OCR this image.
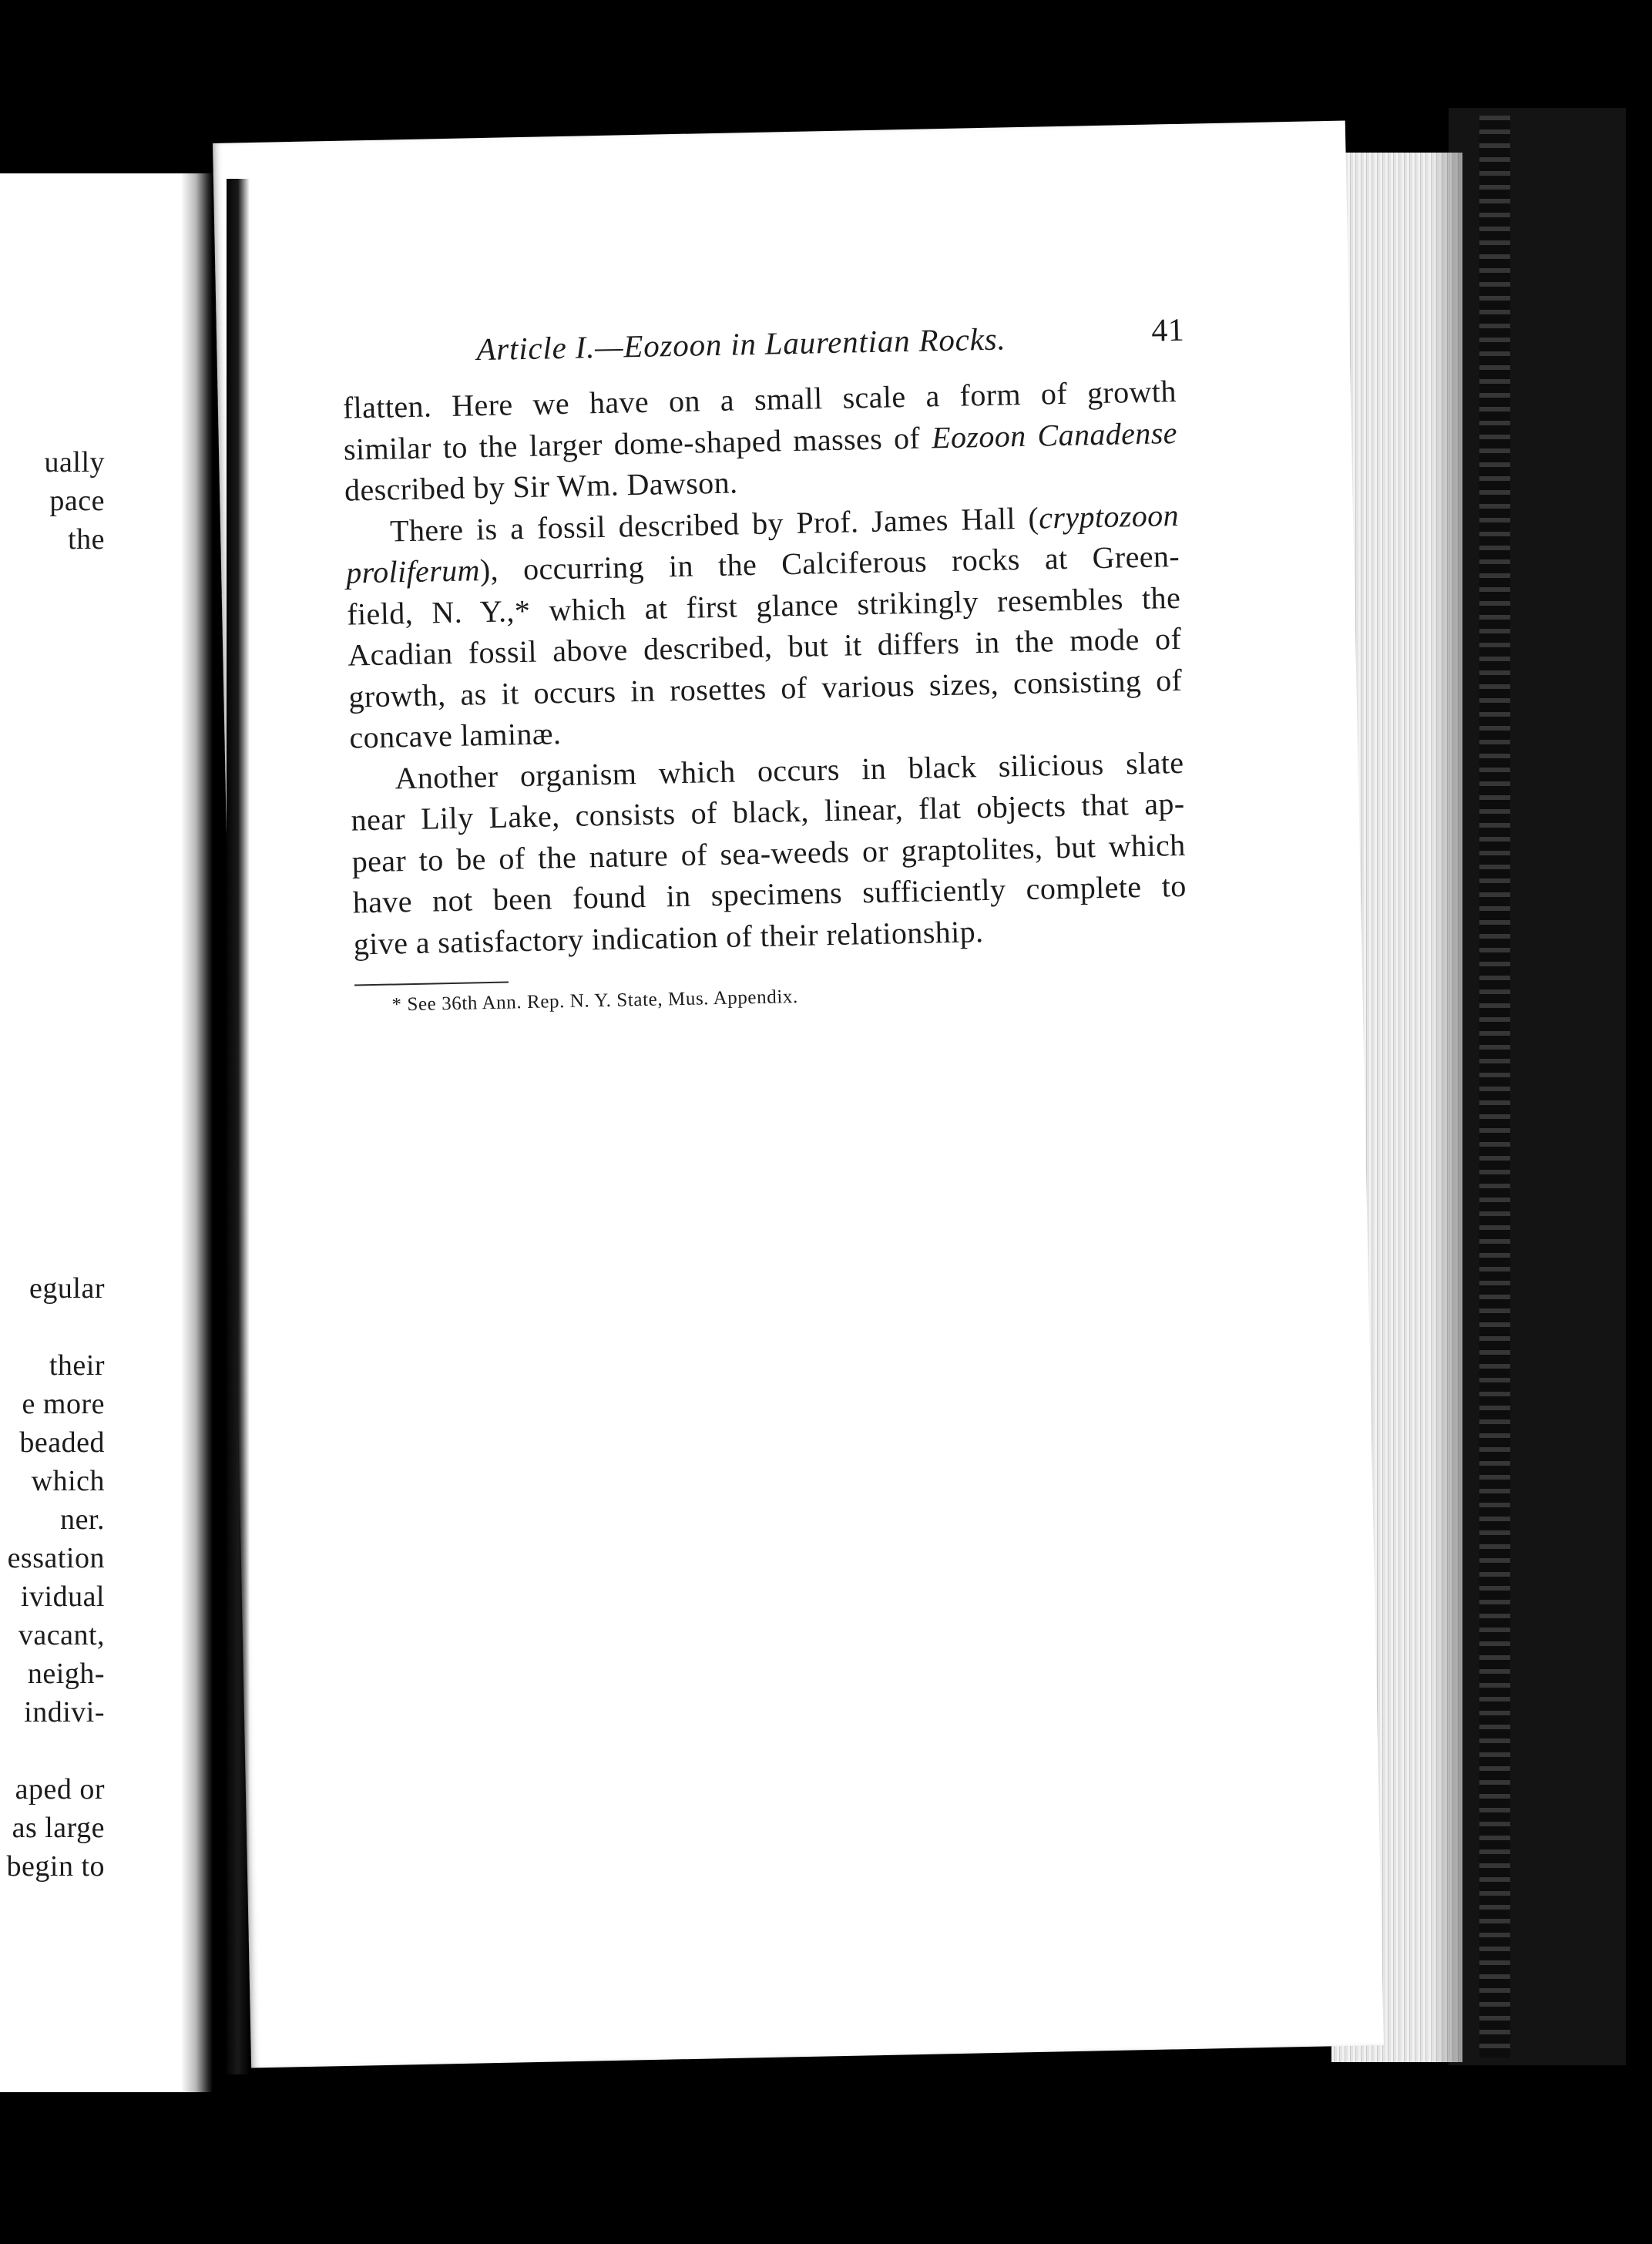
ually
pace
the
egular
their
e more
beaded
which
ner.
essation
ividual
vacant,
neigh-
indivi-
aped or
as large
begin to
Article I.—Eozoon in Laurentian Rocks.	41
flatten. Here we have on a small scale a form of growth
similar to the larger dome-shaped masses of Eozoon Canadense
described by Sir Wm. Dawson.
There is a fossil described by Prof. James Hall (cryptozoon
proliferum), occurring in the Calciferous rocks at Green-
field, N. Y.,* which at first glance strikingly resembles the
Acadian fossil above described, but it differs in the mode of
growth, as it occurs in rosettes of various sizes, consisting of
concave laminæ.
Another organism which occurs in black silicious slate
near Lily Lake, consists of black, linear, flat objects that ap-
pear to be of the nature of sea-weeds or graptolites, but which
have not been found in specimens sufficiently complete to
give a satisfactory indication of their relationship.
* See 36th Ann. Rep. N. Y. State, Mus. Appendix.
